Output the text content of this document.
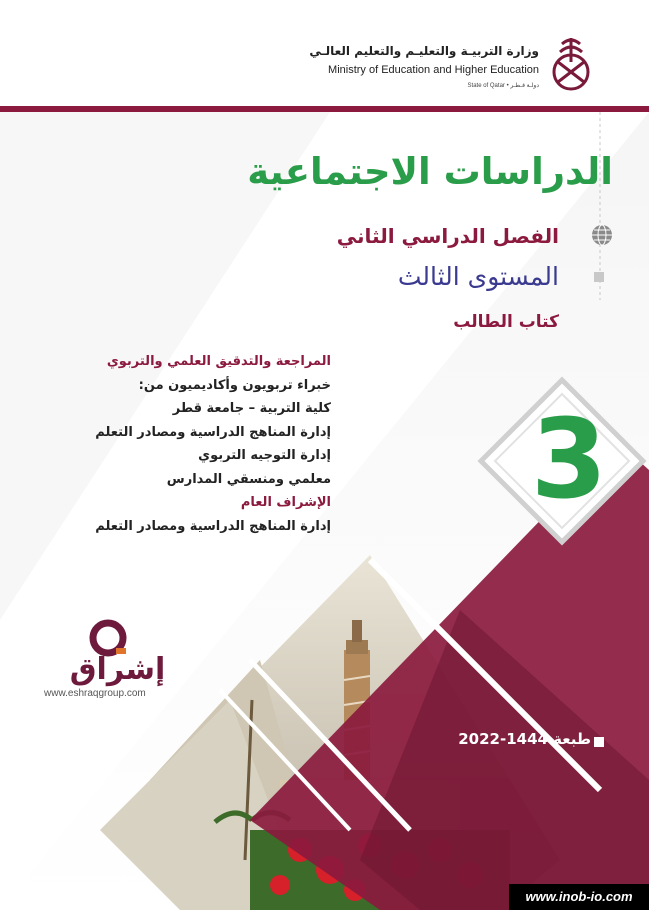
وزارة التربيـة والتعليـم والتعليم العالـي
Ministry of Education and Higher Education
State of Qatar • دولـة قـطـر
الدراسات الاجتماعية
الفصل الدراسي الثاني
المستوى الثالث
كتاب الطالب
المراجعة والتدقيق العلمي والتربوي
خبراء تربويون وأكاديميون من:
كلية التربية – جامعة قطر
إدارة المناهج الدراسية ومصادر التعلم
إدارة التوجيه التربوي
معلمي ومنسقي المدارس
الإشراف العام
إدارة المناهج الدراسية ومصادر التعلم
3
إشراق
www.eshraqgroup.com
طبعة 1444-2022
www.inob-io.com
